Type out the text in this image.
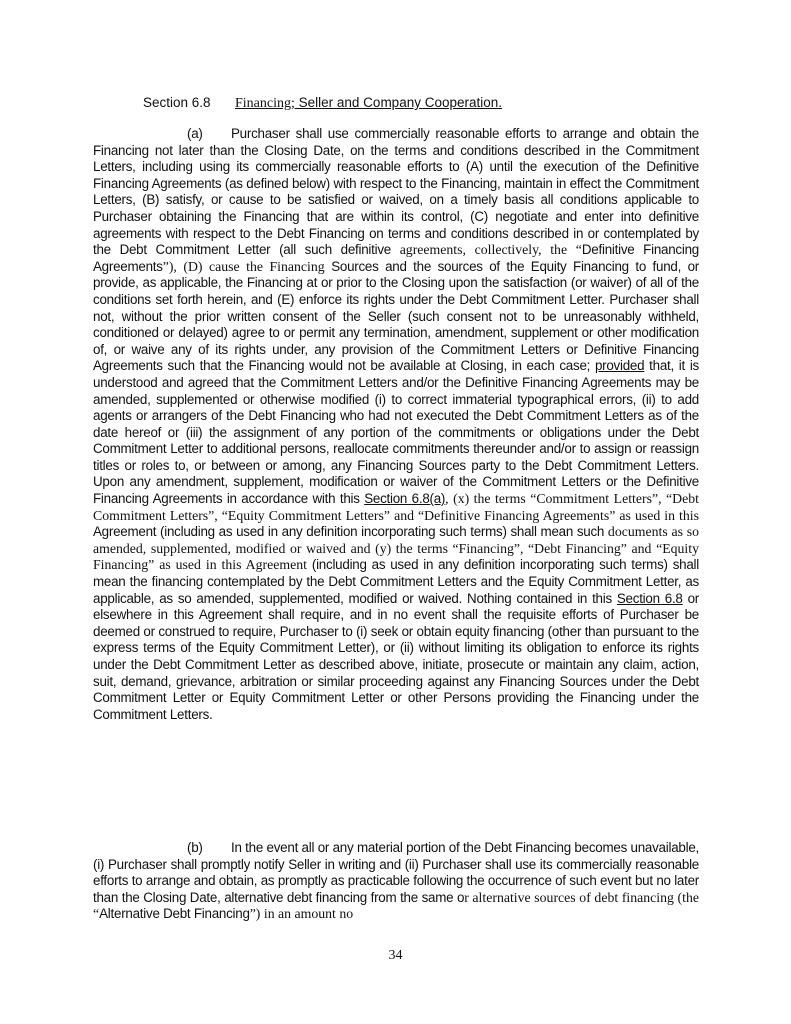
Section 6.8 Financing; Seller and Company Cooperation.

(a) Purchaser shall use commercially reasonable efforts to arrange and obtain the Financing not later than the Closing Date, on the terms and conditions described in the Commitment Letters, including using its commercially reasonable efforts to (A) until the execution of the Definitive Financing Agreements (as defined below) with respect to the Financing, maintain in effect the Commitment Letters, (B) satisfy, or cause to be satisfied or waived, on a timely basis all conditions applicable to Purchaser obtaining the Financing that are within its control, (C) negotiate and enter into definitive agreements with respect to the Debt Financing on terms and conditions described in or contemplated by the Debt Commitment Letter (all such definitive agreements, collectively, the “Definitive Financing Agreements”), (D) cause the Financing Sources and the sources of the Equity Financing to fund, or provide, as applicable, the Financing at or prior to the Closing upon the satisfaction (or waiver) of all of the conditions set forth herein, and (E) enforce its rights under the Debt Commitment Letter. Purchaser shall not, without the prior written consent of the Seller (such consent not to be unreasonably withheld, conditioned or delayed) agree to or permit any termination, amendment, supplement or other modification of, or waive any of its rights under, any provision of the Commitment Letters or Definitive Financing Agreements such that the Financing would not be available at Closing, in each case; provided that, it is understood and agreed that the Commitment Letters and/or the Definitive Financing Agreements may be amended, supplemented or otherwise modified (i) to correct immaterial typographical errors, (ii) to add agents or arrangers of the Debt Financing who had not executed the Debt Commitment Letters as of the date hereof or (iii) the assignment of any portion of the commitments or obligations under the Debt Commitment Letter to additional persons, reallocate commitments thereunder and/or to assign or reassign titles or roles to, or between or among, any Financing Sources party to the Debt Commitment Letters. Upon any amendment, supplement, modification or waiver of the Commitment Letters or the Definitive Financing Agreements in accordance with this Section 6.8(a), (x) the terms “Commitment Letters”, “Debt Commitment Letters”, “Equity Commitment Letters” and “Definitive Financing Agreements” as used in this Agreement (including as used in any definition incorporating such terms) shall mean such documents as so amended, supplemented, modified or waived and (y) the terms “Financing”, “Debt Financing” and “Equity Financing” as used in this Agreement (including as used in any definition incorporating such terms) shall mean the financing contemplated by the Debt Commitment Letters and the Equity Commitment Letter, as applicable, as so amended, supplemented, modified or waived. Nothing contained in this Section 6.8 or elsewhere in this Agreement shall require, and in no event shall the requisite efforts of Purchaser be deemed or construed to require, Purchaser to (i) seek or obtain equity financing (other than pursuant to the express terms of the Equity Commitment Letter), or (ii) without limiting its obligation to enforce its rights under the Debt Commitment Letter as described above, initiate, prosecute or maintain any claim, action, suit, demand, grievance, arbitration or similar proceeding against any Financing Sources under the Debt Commitment Letter or Equity Commitment Letter or other Persons providing the Financing under the Commitment Letters.

(b) In the event all or any material portion of the Debt Financing becomes unavailable, (i) Purchaser shall promptly notify Seller in writing and (ii) Purchaser shall use its commercially reasonable efforts to arrange and obtain, as promptly as practicable following the occurrence of such event but no later than the Closing Date, alternative debt financing from the same or alternative sources of debt financing (the “Alternative Debt Financing”) in an amount no

34
